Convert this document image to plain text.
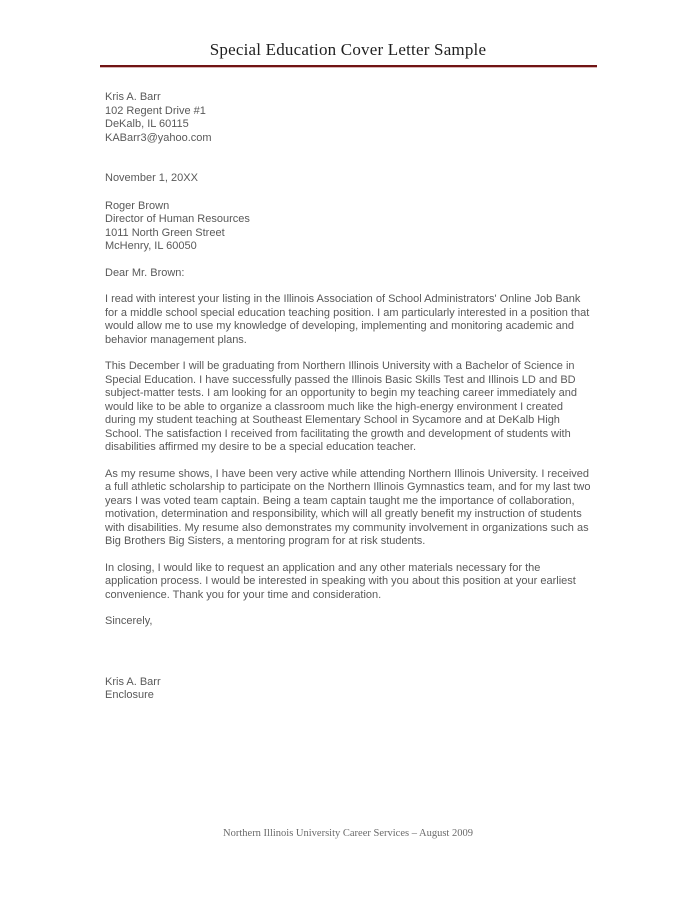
Special Education Cover Letter Sample
Kris A. Barr
102 Regent Drive #1
DeKalb, IL 60115
KABarr3@yahoo.com
November 1, 20XX
Roger Brown
Director of Human Resources
1011 North Green Street
McHenry, IL 60050
Dear Mr. Brown:

I read with interest your listing in the Illinois Association of School Administrators' Online Job Bank for a middle school special education teaching position. I am particularly interested in a position that would allow me to use my knowledge of developing, implementing and monitoring academic and behavior management plans.

This December I will be graduating from Northern Illinois University with a Bachelor of Science in Special Education. I have successfully passed the Illinois Basic Skills Test and Illinois LD and BD subject-matter tests. I am looking for an opportunity to begin my teaching career immediately and would like to be able to organize a classroom much like the high-energy environment I created during my student teaching at Southeast Elementary School in Sycamore and at DeKalb High School. The satisfaction I received from facilitating the growth and development of students with disabilities affirmed my desire to be a special education teacher.

As my resume shows, I have been very active while attending Northern Illinois University. I received a full athletic scholarship to participate on the Northern Illinois Gymnastics team, and for my last two years I was voted team captain. Being a team captain taught me the importance of collaboration, motivation, determination and responsibility, which will all greatly benefit my instruction of students with disabilities. My resume also demonstrates my community involvement in organizations such as Big Brothers Big Sisters, a mentoring program for at risk students.

In closing, I would like to request an application and any other materials necessary for the application process. I would be interested in speaking with you about this position at your earliest convenience. Thank you for your time and consideration.

Sincerely,
Kris A. Barr
Enclosure
Northern Illinois University Career Services – August 2009
